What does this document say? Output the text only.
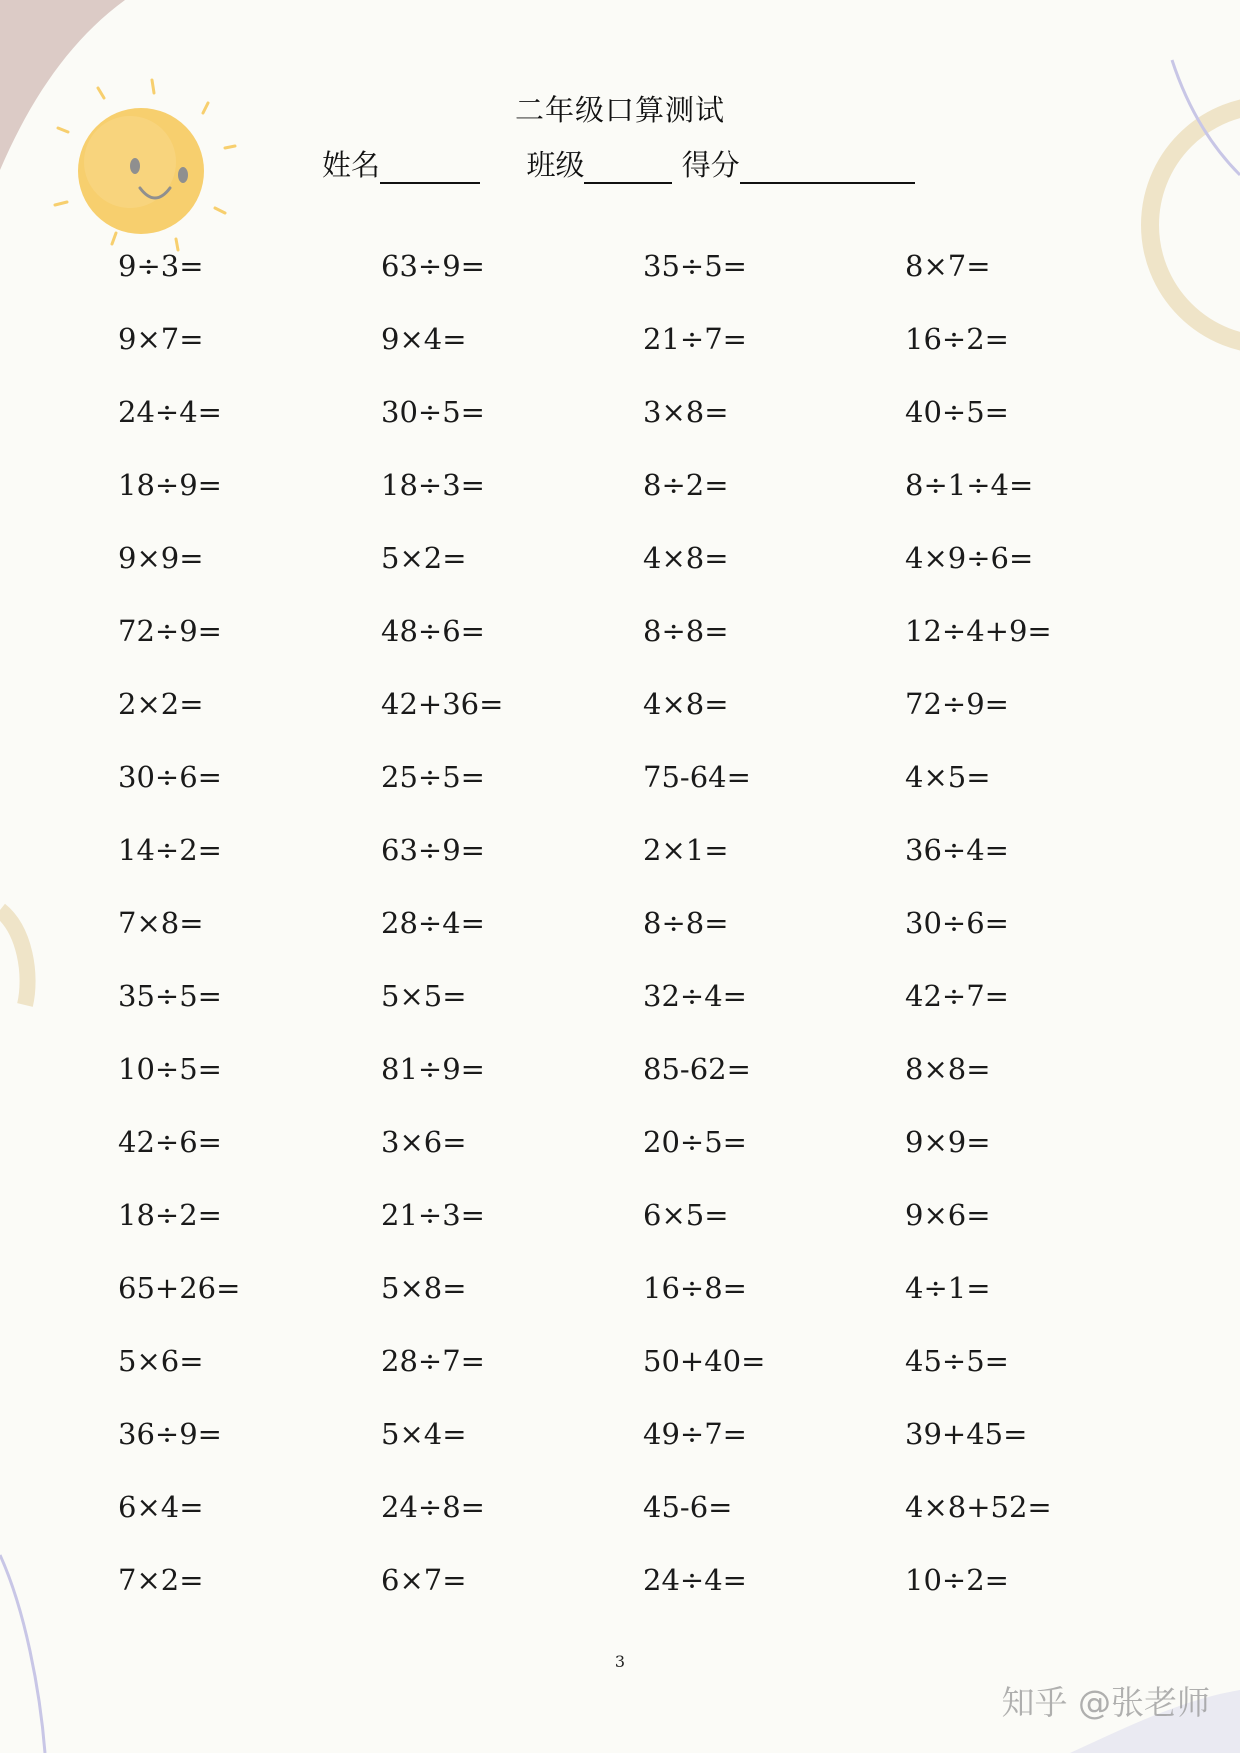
二年级口算测试
姓名	班级	得分
9÷3=	63÷9=	35÷5=	8×7=
9×7=	9×4=	21÷7=	16÷2=
24÷4=	30÷5=	3×8=	40÷5=
18÷9=	18÷3=	8÷2=	8÷1÷4=
9×9=	5×2=	4×8=	4×9÷6=
72÷9=	48÷6=	8÷8=	12÷4+9=
2×2=	42+36=	4×8=	72÷9=
30÷6=	25÷5=	75-64=	4×5=
14÷2=	63÷9=	2×1=	36÷4=
7×8=	28÷4=	8÷8=	30÷6=
35÷5=	5×5=	32÷4=	42÷7=
10÷5=	81÷9=	85-62=	8×8=
42÷6=	3×6=	20÷5=	9×9=
18÷2=	21÷3=	6×5=	9×6=
65+26=	5×8=	16÷8=	4÷1=
5×6=	28÷7=	50+40=	45÷5=
36÷9=	5×4=	49÷7=	39+45=
6×4=	24÷8=	45-6=	4×8+52=
7×2=	6×7=	24÷4=	10÷2=
3
知乎 @张老师
